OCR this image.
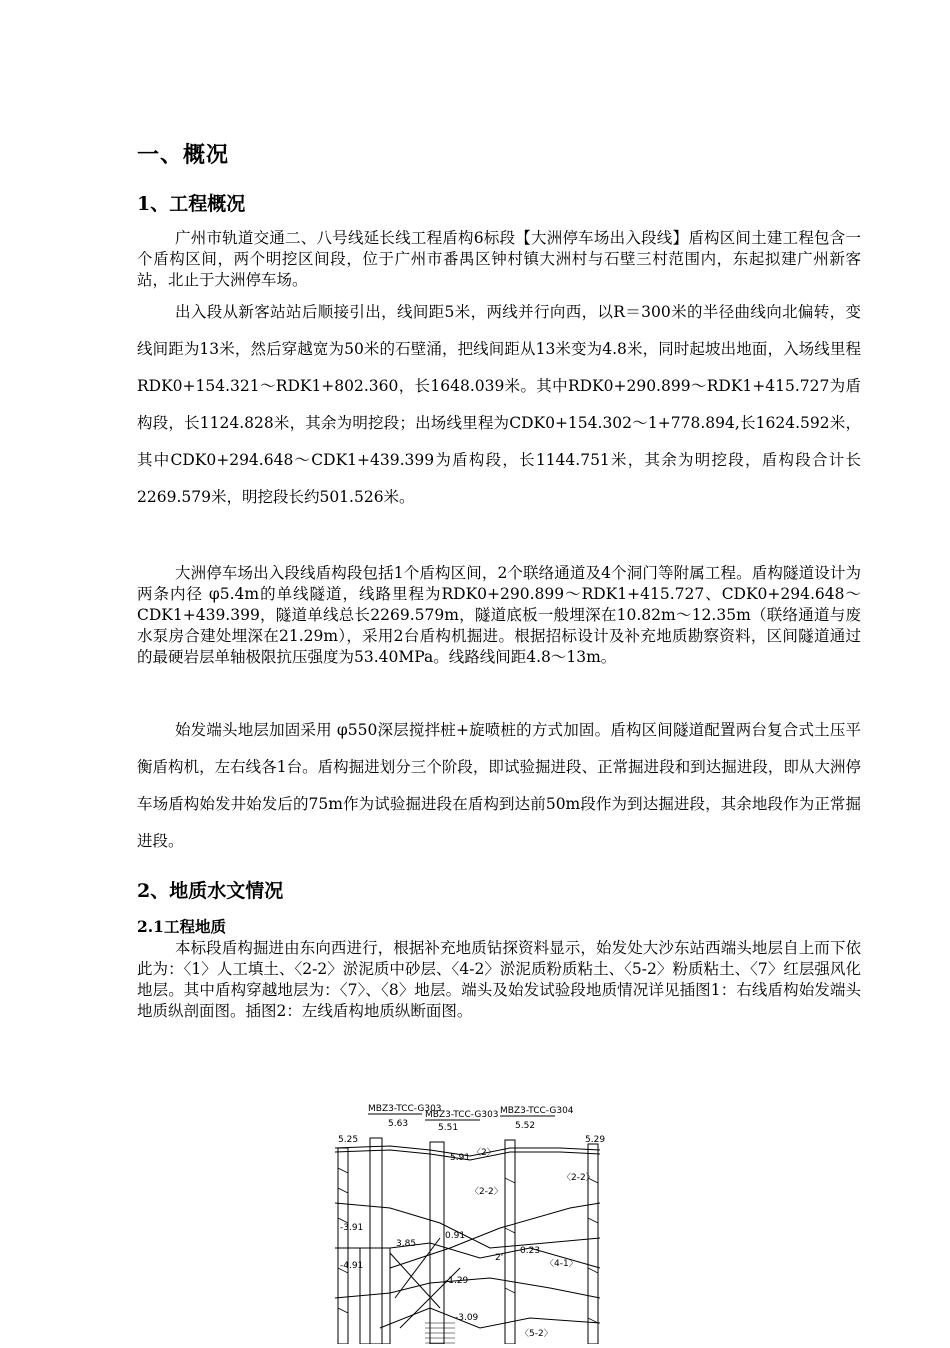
一、概况
1、工程概况

广州市轨道交通二、八号线延长线工程盾构6标段【大洲停车场出入段线】盾构区间土建工程包含一个盾构区间，两个明挖区间段，位于广州市番禺区钟村镇大洲村与石壁三村范围内，东起拟建广州新客站，北止于大洲停车场。

出入段从新客站站后顺接引出，线间距5米，两线并行向西，以R＝300米的半径曲线向北偏转，变线间距为13米，然后穿越宽为50米的石壁涌，把线间距从13米变为4.8米，同时起坡出地面，入场线里程RDK0+154.321～RDK1+802.360，长1648.039米。其中RDK0+290.899～RDK1+415.727为盾构段，长1124.828米，其余为明挖段；出场线里程为CDK0+154.302～1+778.894,长1624.592米，其中CDK0+294.648～CDK1+439.399为盾构段，长1144.751米，其余为明挖段，盾构段合计长2269.579米，明挖段长约501.526米。

大洲停车场出入段线盾构段包括1个盾构区间，2个联络通道及4个洞门等附属工程。盾构隧道设计为两条内径 φ5.4m的单线隧道，线路里程为RDK0+290.899～RDK1+415.727、CDK0+294.648～CDK1+439.399，隧道单线总长2269.579m，隧道底板一般埋深在10.82m～12.35m（联络通道与废水泵房合建处埋深在21.29m），采用2台盾构机掘进。根据招标设计及补充地质勘察资料，区间隧道通过的最硬岩层单轴极限抗压强度为53.40MPa。线路线间距4.8～13m。

始发端头地层加固采用 φ550深层搅拌桩+旋喷桩的方式加固。盾构区间隧道配置两台复合式土压平衡盾构机，左右线各1台。盾构掘进划分三个阶段，即试验掘进段、正常掘进段和到达掘进段，即从大洲停车场盾构始发井始发后的75m作为试验掘进段在盾构到达前50m段作为到达掘进段，其余地段作为正常掘进段。

2、地质水文情况
2.1工程地质

本标段盾构掘进由东向西进行，根据补充地质钻探资料显示，始发处大沙东站西端头地层自上而下依此为：〈1〉人工填土、〈2-2〉淤泥质中砂层、〈4-2〉淤泥质粉质粘土、〈5-2〉粉质粘土、〈7〉红层强风化地层。其中盾构穿越地层为：〈7〉、〈8〉地层。端头及始发试验段地质情况详见插图1：右线盾构始发端头地质纵剖面图。插图2：左线盾构地质纵断面图。

MBZ3-TCC-G303
MBZ3-TCC-G303 MBZ3-TCC-G304
5.25
5.63	5.51	5.52
5.29
5.91 〈2〉
〈2-2〉
〈2-2〉
〈4-1〉
2'
〈5-2〉
-3.91
-4.91
0.91
-1.29
-3.09
0.23
3.85
